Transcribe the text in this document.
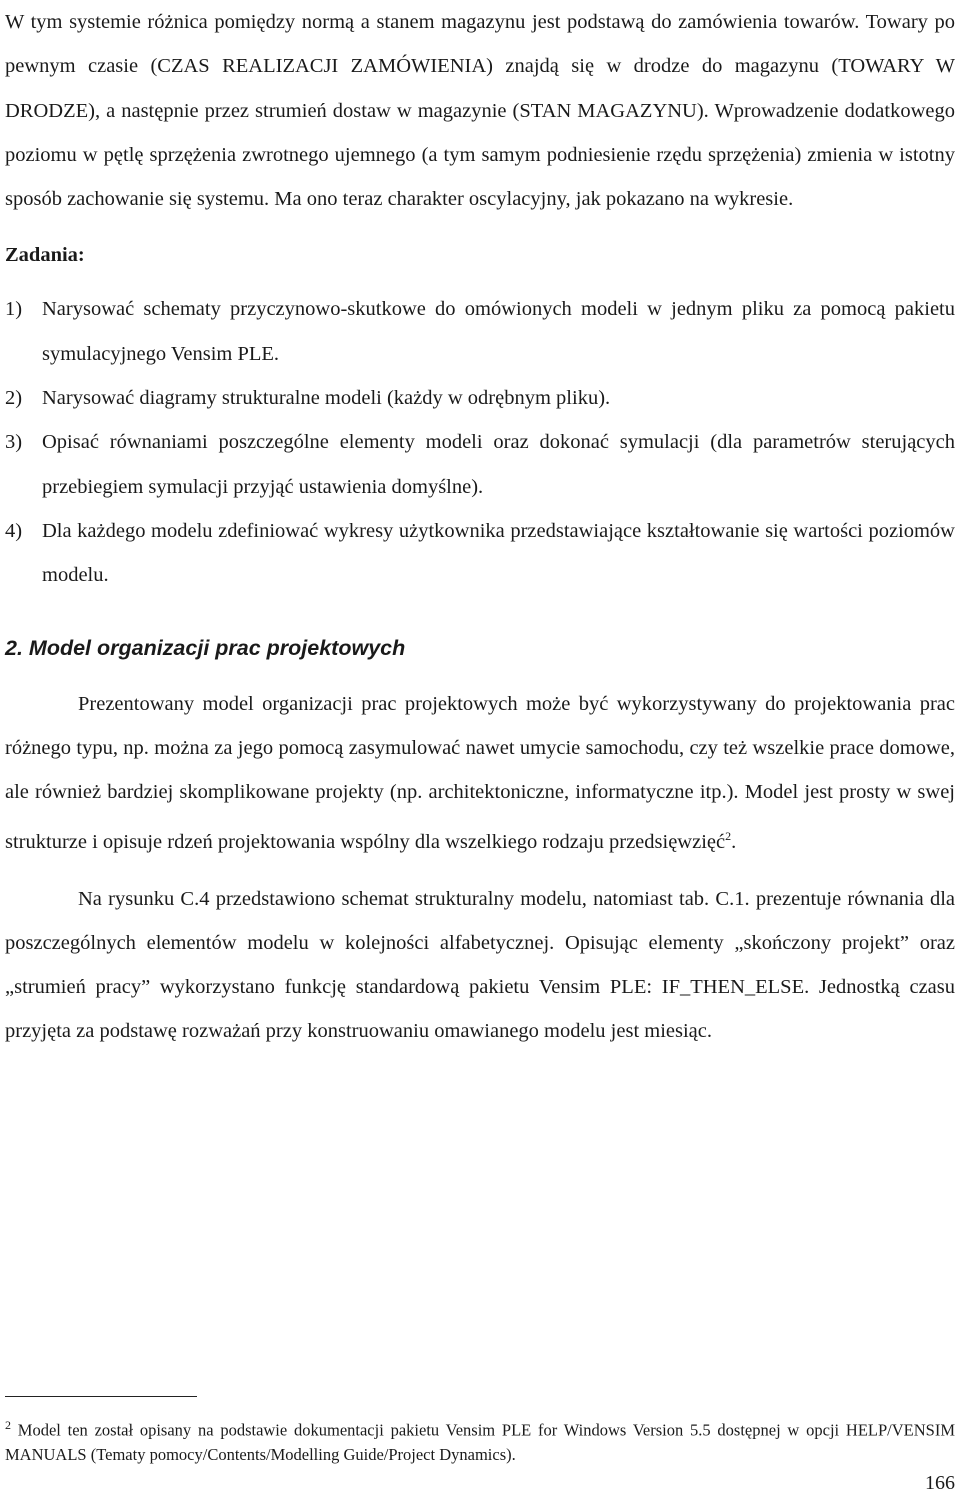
W tym systemie różnica pomiędzy normą a stanem magazynu jest podstawą do zamówienia towarów. Towary po pewnym czasie (CZAS REALIZACJI ZAMÓWIENIA) znajdą się w drodze do magazynu (TOWARY W DRODZE), a następnie przez strumień dostaw w magazynie (STAN MAGAZYNU). Wprowadzenie dodatkowego poziomu w pętlę sprzężenia zwrotnego ujemnego (a tym samym podniesienie rzędu sprzężenia) zmienia w istotny sposób zachowanie się systemu. Ma ono teraz charakter oscylacyjny, jak pokazano na wykresie.

Zadania:
1) Narysować schematy przyczynowo-skutkowe do omówionych modeli w jednym pliku za pomocą pakietu symulacyjnego Vensim PLE.
2) Narysować diagramy strukturalne modeli (każdy w odrębnym pliku).
3) Opisać równaniami poszczególne elementy modeli oraz dokonać symulacji (dla parametrów sterujących przebiegiem symulacji przyjąć ustawienia domyślne).
4) Dla każdego modelu zdefiniować wykresy użytkownika przedstawiające kształtowanie się wartości poziomów modelu.
2. Model organizacji prac projektowych

Prezentowany model organizacji prac projektowych może być wykorzystywany do projektowania prac różnego typu, np. można za jego pomocą zasymulować nawet umycie samochodu, czy też wszelkie prace domowe, ale również bardziej skomplikowane projekty (np. architektoniczne, informatyczne itp.). Model jest prosty w swej strukturze i opisuje rdzeń projektowania wspólny dla wszelkiego rodzaju przedsięwzięć$^2$.

Na rysunku C.4 przedstawiono schemat strukturalny modelu, natomiast tab. C.1. prezentuje równania dla poszczególnych elementów modelu w kolejności alfabetycznej. Opisując elementy „skończony projekt” oraz „strumień pracy” wykorzystano funkcję standardową pakietu Vensim PLE: IF_THEN_ELSE. Jednostką czasu przyjęta za podstawę rozważań przy konstruowaniu omawianego modelu jest miesiąc.

$^2$ Model ten został opisany na podstawie dokumentacji pakietu Vensim PLE for Windows Version 5.5 dostępnej w opcji HELP/VENSIM MANUALS (Tematy pomocy/Contents/Modelling Guide/Project Dynamics).
166
